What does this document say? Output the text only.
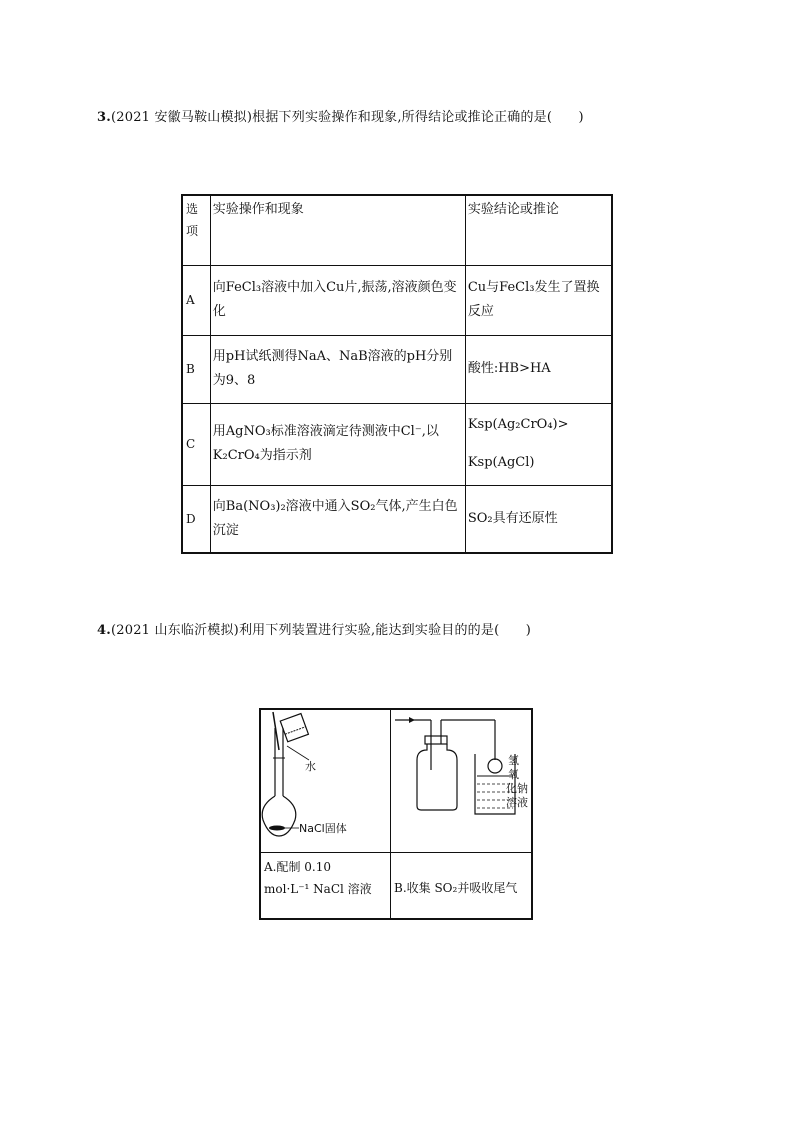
3.(2021 安徽马鞍山模拟)根据下列实验操作和现象,所得结论或推论正确的是(　　)
选项	实验操作和现象	实验结论或推论
A	向FeCl₃溶液中加入Cu片,振荡,溶液颜色变化	Cu与FeCl₃发生了置换反应
B	用pH试纸测得NaA、NaB溶液的pH分别为9、8	酸性:HB>HA
C	用AgNO₃标准溶液滴定待测液中Cl⁻,以K₂CrO₄为指示剂	Ksp(Ag₂CrO₄)>
Ksp(AgCl)

D	向Ba(NO₃)₂溶液中通入SO₂气体,产生白色沉淀	SO₂具有还原性
4.(2021 山东临沂模拟)利用下列装置进行实验,能达到实验目的的是(　　)
水
NaCl固体
氢
氧
化钠
溶液
A.配制 0.10
mol·L⁻¹ NaCl 溶液	B.收集 SO₂并吸收尾气
